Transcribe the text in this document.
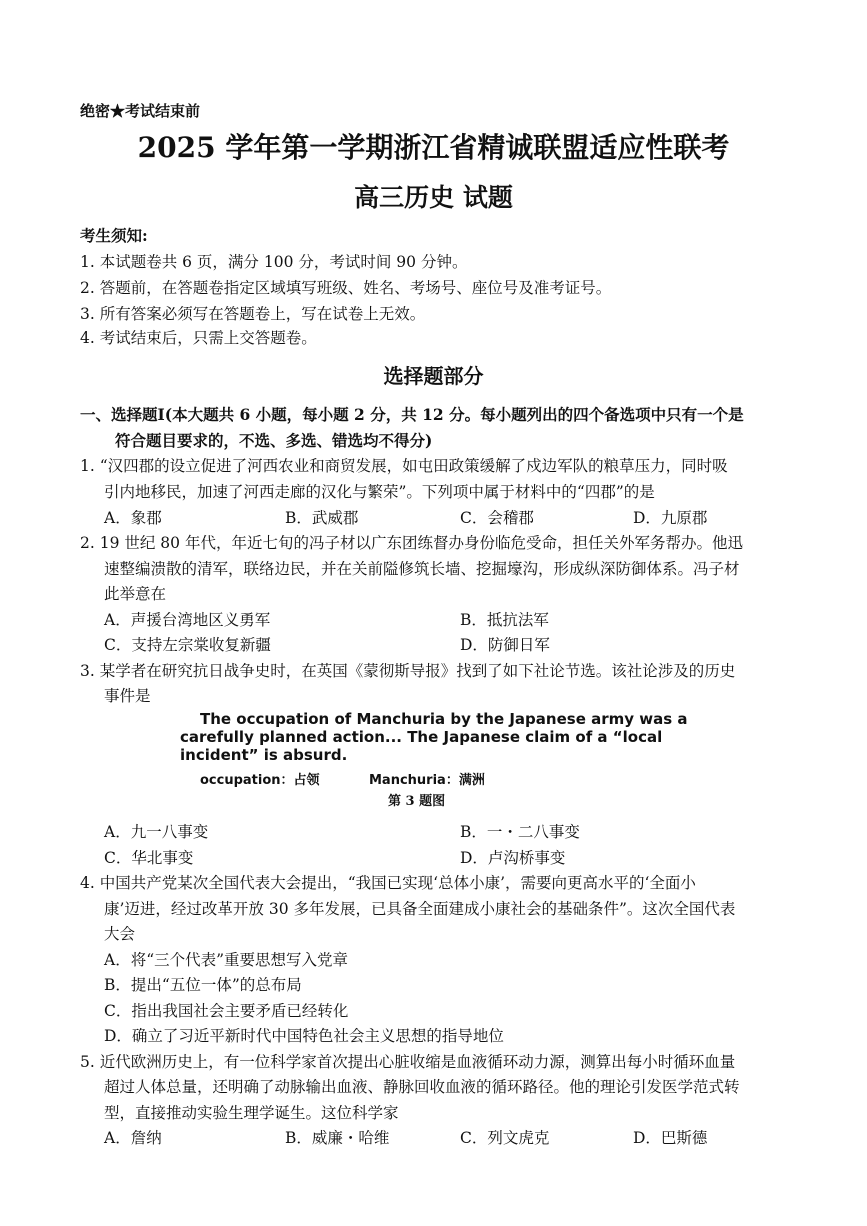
绝密★考试结束前
2025 学年第一学期浙江省精诚联盟适应性联考
高三历史 试题
考生须知:
1. 本试题卷共 6 页，满分 100 分，考试时间 90 分钟。
2. 答题前，在答题卷指定区域填写班级、姓名、考场号、座位号及准考证号。
3. 所有答案必须写在答题卷上，写在试卷上无效。
4. 考试结束后，只需上交答题卷。
选择题部分
一、选择题Ⅰ(本大题共 6 小题，每小题 2 分，共 12 分。每小题列出的四个备选项中只有一个是
符合题目要求的，不选、多选、错选均不得分)
1. “汉四郡的设立促进了河西农业和商贸发展，如屯田政策缓解了戍边军队的粮草压力，同时吸
引内地移民，加速了河西走廊的汉化与繁荣”。下列项中属于材料中的“四郡”的是
A．象郡	B．武威郡	C．会稽郡	D．九原郡
2. 19 世纪 80 年代，年近七旬的冯子材以广东团练督办身份临危受命，担任关外军务帮办。他迅
速整编溃散的清军，联络边民，并在关前隘修筑长墙、挖掘壕沟，形成纵深防御体系。冯子材
此举意在
A．声援台湾地区义勇军	B．抵抗法军
C．支持左宗棠收复新疆	D．防御日军
3. 某学者在研究抗日战争史时，在英国《蒙彻斯导报》找到了如下社论节选。该社论涉及的历史
事件是
The occupation of Manchuria by the Japanese army was a
carefully planned action... The Japanese claim of a “local
incident” is absurd.
occupation：占领	Manchuria：满洲
第 3 题图
A．九一八事变	B．一・二八事变
C．华北事变	D．卢沟桥事变
4. 中国共产党某次全国代表大会提出，“我国已实现‘总体小康’，需要向更高水平的‘全面小
康’迈进，经过改革开放 30 多年发展，已具备全面建成小康社会的基础条件”。这次全国代表
大会
A．将“三个代表”重要思想写入党章
B．提出“五位一体”的总布局
C．指出我国社会主要矛盾已经转化
D．确立了习近平新时代中国特色社会主义思想的指导地位
5. 近代欧洲历史上，有一位科学家首次提出心脏收缩是血液循环动力源，测算出每小时循环血量
超过人体总量，还明确了动脉输出血液、静脉回收血液的循环路径。他的理论引发医学范式转
型，直接推动实验生理学诞生。这位科学家
A．詹纳	B．威廉・哈维	C．列文虎克	D．巴斯德
